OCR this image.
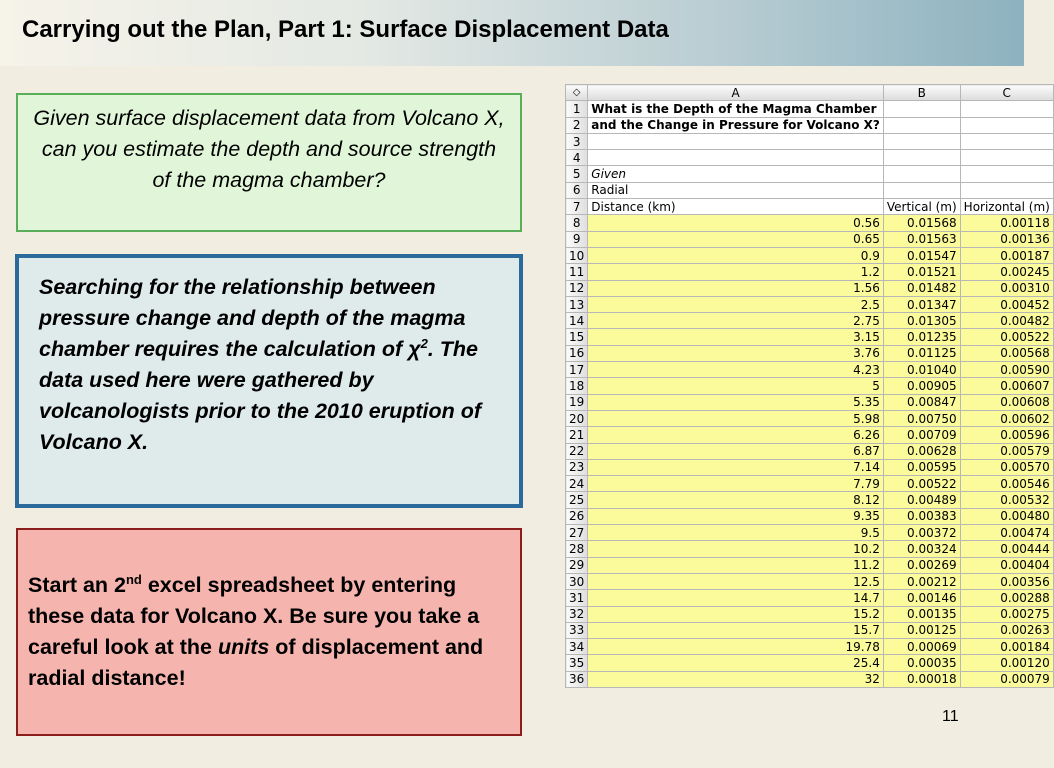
Carrying out the Plan, Part 1: Surface Displacement Data

Given surface displacement data from Volcano X, can you estimate the depth and source strength of the magma chamber?

Searching for the relationship between pressure change and depth of the magma chamber requires the calculation of $\chi^2$. The data used here were gathered by volcanologists prior to the 2010 eruption of Volcano X.

Start an 2nd excel spreadsheet by entering these data for Volcano X. Be sure you take a careful look at the units of displacement and radial distance!

◇	A	B	C
1	What is the Depth of the Magma Chamber		
2	and the Change in Pressure for Volcano X?		
3			
4			
5	Given		
6	Radial		
7	Distance (km)	Vertical (m)	Horizontal (m)
8	0.56	0.01568	0.00118
9	0.65	0.01563	0.00136
10	0.9	0.01547	0.00187
11	1.2	0.01521	0.00245
12	1.56	0.01482	0.00310
13	2.5	0.01347	0.00452
14	2.75	0.01305	0.00482
15	3.15	0.01235	0.00522
16	3.76	0.01125	0.00568
17	4.23	0.01040	0.00590
18	5	0.00905	0.00607
19	5.35	0.00847	0.00608
20	5.98	0.00750	0.00602
21	6.26	0.00709	0.00596
22	6.87	0.00628	0.00579
23	7.14	0.00595	0.00570
24	7.79	0.00522	0.00546
25	8.12	0.00489	0.00532
26	9.35	0.00383	0.00480
27	9.5	0.00372	0.00474
28	10.2	0.00324	0.00444
29	11.2	0.00269	0.00404
30	12.5	0.00212	0.00356
31	14.7	0.00146	0.00288
32	15.2	0.00135	0.00275
33	15.7	0.00125	0.00263
34	19.78	0.00069	0.00184
35	25.4	0.00035	0.00120
36	32	0.00018	0.00079
11
